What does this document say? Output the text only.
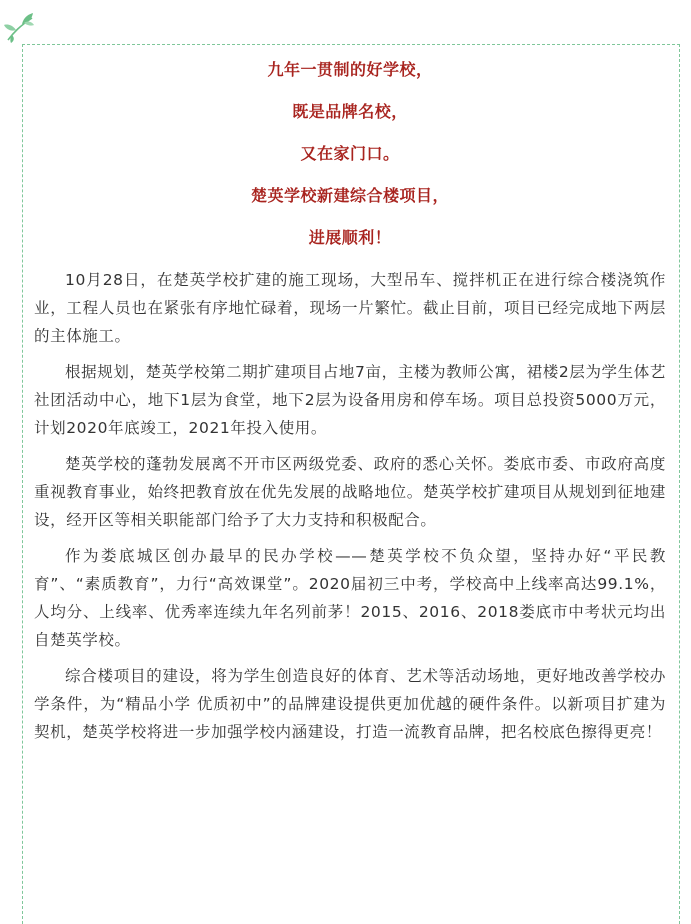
九年一贯制的好学校，
既是品牌名校，
又在家门口。
楚英学校新建综合楼项目，
进展顺利！

10月28日，在楚英学校扩建的施工现场，大型吊车、搅拌机正在进行综合楼浇筑作业，工程人员也在紧张有序地忙碌着，现场一片繁忙。截止目前，项目已经完成地下两层的主体施工。

根据规划，楚英学校第二期扩建项目占地7亩，主楼为教师公寓，裙楼2层为学生体艺社团活动中心，地下1层为食堂，地下2层为设备用房和停车场。项目总投资5000万元，计划2020年底竣工，2021年投入使用。

楚英学校的蓬勃发展离不开市区两级党委、政府的悉心关怀。娄底市委、市政府高度重视教育事业，始终把教育放在优先发展的战略地位。楚英学校扩建项目从规划到征地建设，经开区等相关职能部门给予了大力支持和积极配合。

作为娄底城区创办最早的民办学校——楚英学校不负众望，坚持办好“平民教育”、“素质教育”，力行“高效课堂”。2020届初三中考，学校高中上线率高达99.1%，人均分、上线率、优秀率连续九年名列前茅！2015、2016、2018娄底市中考状元均出自楚英学校。

综合楼项目的建设，将为学生创造良好的体育、艺术等活动场地，更好地改善学校办学条件，为“精品小学 优质初中”的品牌建设提供更加优越的硬件条件。以新项目扩建为契机，楚英学校将进一步加强学校内涵建设，打造一流教育品牌，把名校底色擦得更亮！
